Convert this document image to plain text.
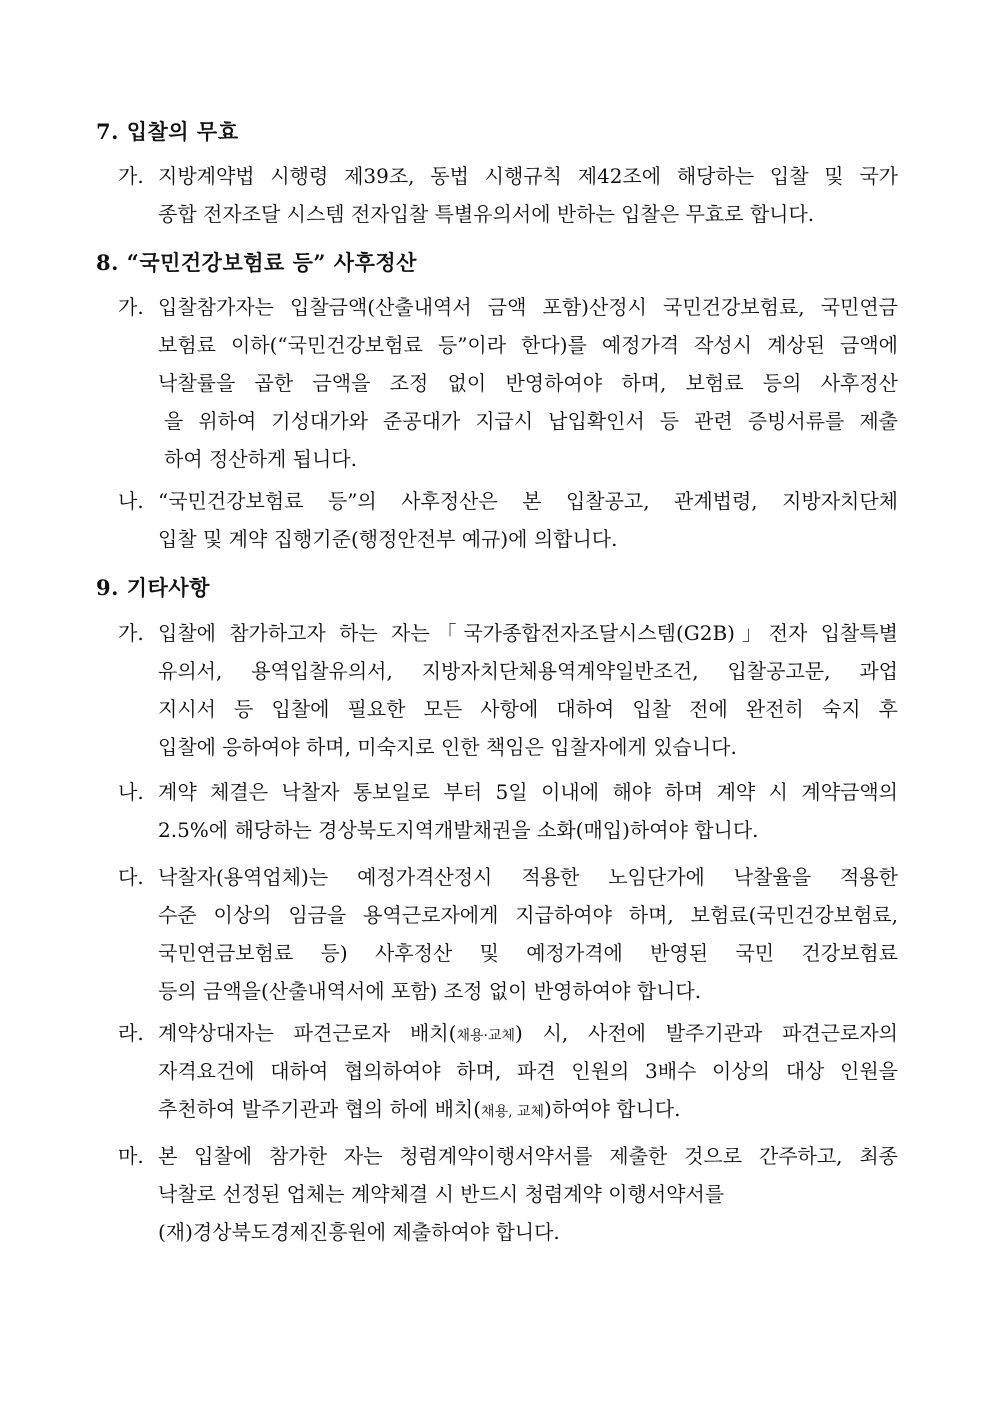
7. 입찰의 무효
가. 지방계약법 시행령 제39조, 동법 시행규칙 제42조에 해당하는 입찰 및 국가
종합 전자조달 시스템 전자입찰 특별유의서에 반하는 입찰은 무효로 합니다.
8. “국민건강보험료 등” 사후정산
가. 입찰참가자는 입찰금액(산출내역서 금액 포함)산정시 국민건강보험료, 국민연금
보험료 이하(“국민건강보험료 등”이라 한다)를 예정가격 작성시 계상된 금액에
낙찰률을 곱한 금액을 조정 없이 반영하여야 하며, 보험료 등의 사후정산
을 위하여 기성대가와 준공대가 지급시 납입확인서 등 관련 증빙서류를 제출
하여 정산하게 됩니다.
나. “국민건강보험료 등”의 사후정산은 본 입찰공고, 관계법령, 지방자치단체
입찰 및 계약 집행기준(행정안전부 예규)에 의합니다.
9. 기타사항
가. 입찰에 참가하고자 하는 자는「국가종합전자조달시스템(G2B)」전자 입찰특별
유의서, 용역입찰유의서, 지방자치단체용역계약일반조건, 입찰공고문, 과업
지시서 등 입찰에 필요한 모든 사항에 대하여 입찰 전에 완전히 숙지 후
입찰에 응하여야 하며, 미숙지로 인한 책임은 입찰자에게 있습니다.
나. 계약 체결은 낙찰자 통보일로 부터 5일 이내에 해야 하며 계약 시 계약금액의
2.5%에 해당하는 경상북도지역개발채권을 소화(매입)하여야 합니다.
다. 낙찰자(용역업체)는 예정가격산정시 적용한 노임단가에 낙찰율을 적용한
수준 이상의 임금을 용역근로자에게 지급하여야 하며, 보험료(국민건강보험료,
국민연금보험료 등) 사후정산 및 예정가격에 반영된 국민 건강보험료
등의 금액을(산출내역서에 포함) 조정 없이 반영하여야 합니다.
라. 계약상대자는 파견근로자 배치(채용·교체) 시, 사전에 발주기관과 파견근로자의
자격요건에 대하여 협의하여야 하며, 파견 인원의 3배수 이상의 대상 인원을
추천하여 발주기관과 협의 하에 배치(채용, 교체)하여야 합니다.
마. 본 입찰에 참가한 자는 청렴계약이행서약서를 제출한 것으로 간주하고, 최종
낙찰로 선정된 업체는 계약체결 시 반드시 청렴계약 이행서약서를
(재)경상북도경제진흥원에 제출하여야 합니다.
